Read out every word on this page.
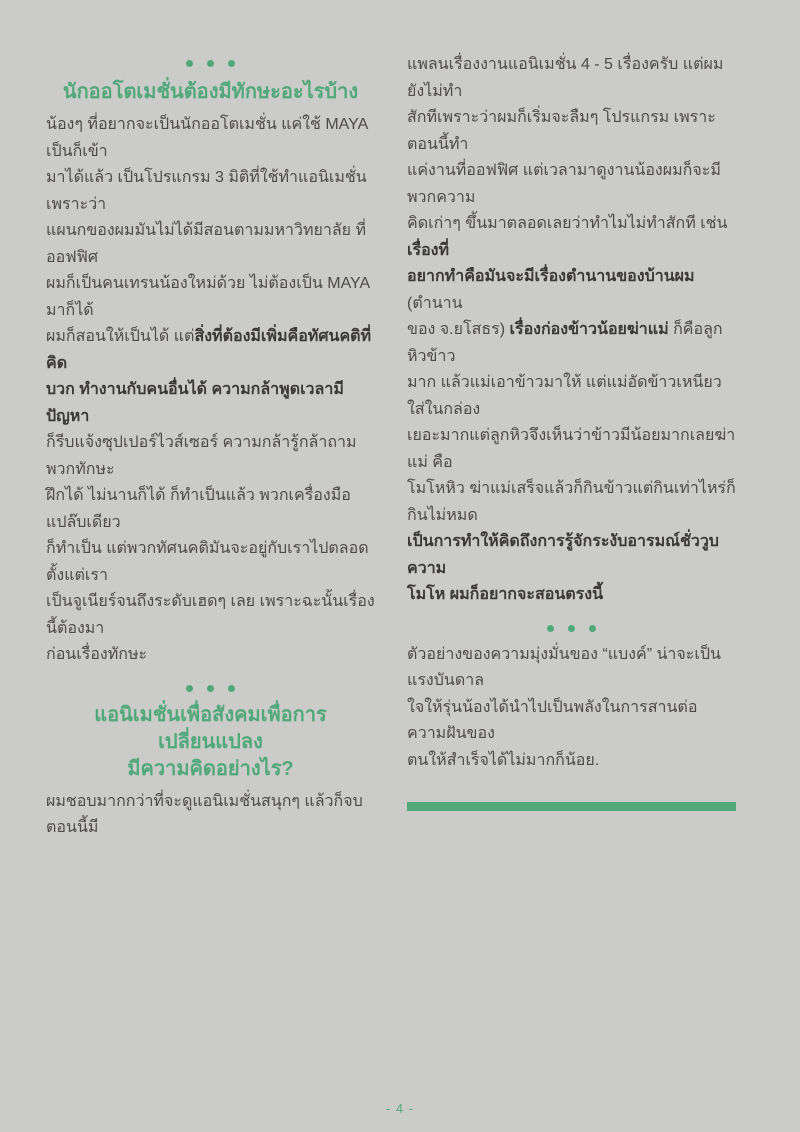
นักออโตเมชั่นต้องมีทักษะอะไรบ้าง
น้องๆ ที่อยากจะเป็นนักออโตเมชั่น แค่ใช้ MAYA เป็นก็เข้า
มาได้แล้ว เป็นโปรแกรม 3 มิติที่ใช้ทำแอนิเมชั่น เพราะว่า
แผนกของผมมันไม่ได้มีสอนตามมหาวิทยาลัย ที่ออฟฟิศ
ผมก็เป็นคนเทรนน้องใหม่ด้วย ไม่ต้องเป็น MAYA มาก็ได้
ผมก็สอนให้เป็นได้ แต่สิ่งที่ต้องมีเพิ่มคือทัศนคติที่คิด
บวก ทำงานกับคนอื่นได้ ความกล้าพูดเวลามีปัญหา
ก็รีบแจ้งซุปเปอร์ไวส์เซอร์ ความกล้ารู้กล้าถาม พวกทักษะ
ฝึกได้ ไม่นานก็ได้ ก็ทำเป็นแล้ว พวกเครื่องมือแปล๊บเดียว
ก็ทำเป็น แต่พวกทัศนคติมันจะอยู่กับเราไปตลอดตั้งแต่เรา
เป็นจูเนียร์จนถึงระดับเฮดๆ เลย เพราะฉะนั้นเรื่องนี้ต้องมา
ก่อนเรื่องทักษะ
แอนิเมชั่นเพื่อสังคมเพื่อการเปลี่ยนแปลง
มีความคิดอย่างไร?
ผมชอบมากกว่าที่จะดูแอนิเมชั่นสนุกๆ แล้วก็จบ ตอนนี้มี
แพลนเรื่องงานแอนิเมชั่น 4 - 5 เรื่องครับ แต่ผมยังไม่ทำ
สักทีเพราะว่าผมก็เริ่มจะลืมๆ โปรแกรม เพราะตอนนี้ทำ
แค่งานที่ออฟฟิศ แต่เวลามาดูงานน้องผมก็จะมีพวกความ
คิดเก่าๆ ขึ้นมาตลอดเลยว่าทำไมไม่ทำสักที เช่น เรื่องที่
อยากทำคือมันจะมีเรื่องตำนานของบ้านผม (ตำนาน
ของ จ.ยโสธร) เรื่องก่องข้าวน้อยฆ่าแม่ ก็คือลูกหิวข้าว
มาก แล้วแม่เอาข้าวมาให้ แต่แม่อัดข้าวเหนียวใส่ในกล่อง
เยอะมากแต่ลูกหิวจึงเห็นว่าข้าวมีน้อยมากเลยฆ่าแม่ คือ
โมโหหิว ฆ่าแม่เสร็จแล้วก็กินข้าวแต่กินเท่าไหร่ก็กินไม่หมด
เป็นการทำให้คิดถึงการรู้จักระงับอารมณ์ชั่ววูบ ความ
โมโห ผมก็อยากจะสอนตรงนี้
ตัวอย่างของความมุ่งมั่นของ “แบงค์” น่าจะเป็นแรงบันดาล
ใจให้รุ่นน้องได้นำไปเป็นพลังในการสานต่อความฝันของ
ตนให้สำเร็จได้ไม่มากก็น้อย.
- 4 -
